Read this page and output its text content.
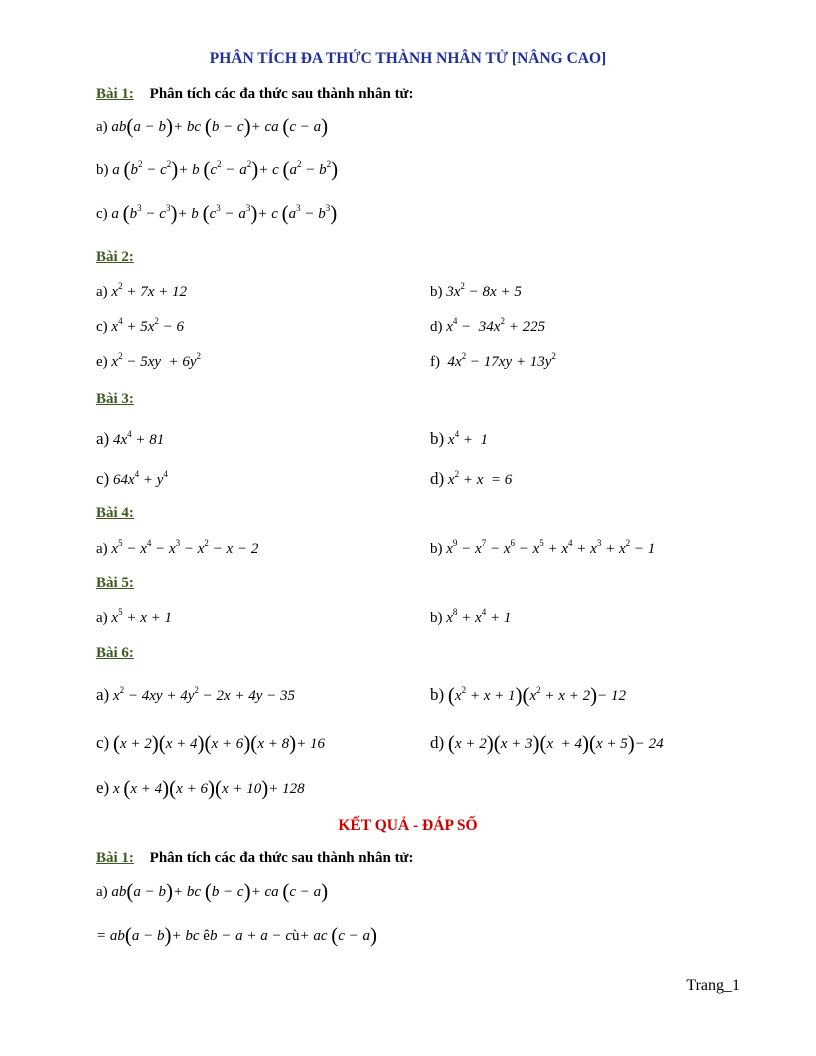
PHÂN TÍCH ĐA THỨC THÀNH NHÂN TỬ [NÂNG CAO]
Bài 1: Phân tích các đa thức sau thành nhân tử:
a) ab(a − b)+ bc (b − c)+ ca (c − a)
b) a $(b^2 - c^2)+ b$ $(c^2 - a^2)+ c$ $(a^2 - b^2)$
c) a $(b^3 - c^3)+ b$ $(c^3 - a^3)+ c$ $(a^3 - b^3)$
Bài 2:
a) $x^2 + 7x + 12$	b) $3x^2 - 8x + 5$
c) $x^4 + 5x^2 - 6$	d) $x^4 - 34x^2 + 225$
e) $x^2 - 5xy + 6y^2$	f) $4x^2 - 17xy + 13y^2$
Bài 3:
a) $4x^4 + 81$	b) $x^4 + 1$
c) $64x^4 + y^4$	d) $x^2 + x = 6$
Bài 4:
a) $x^5 - x^4 - x^3 - x^2 - x - 2$	b) $x^9 - x^7 - x^6 - x^5 + x^4 + x^3 + x^2 - 1$
Bài 5:
a) $x^5 + x + 1$	b) $x^8 + x^4 + 1$
Bài 6:
a) $x^2 - 4xy + 4y^2 - 2x + 4y - 35$	b) $(x^2 + x + 1)(x^2 + x + 2)- 12$
c) (x + 2)(x + 4)(x + 6)(x + 8)+ 16	d) (x + 2)(x + 3)(x  + 4)(x + 5)− 24
e) x (x + 4)(x + 6)(x + 10)+ 128
KẾT QUẢ - ĐÁP SỐ
Bài 1: Phân tích các đa thức sau thành nhân tử:
a) ab(a − b)+ bc (b − c)+ ca (c − a)
= ab(a − b)+ bc êb − a + a − cù+ ac (c − a)
Trang_1
